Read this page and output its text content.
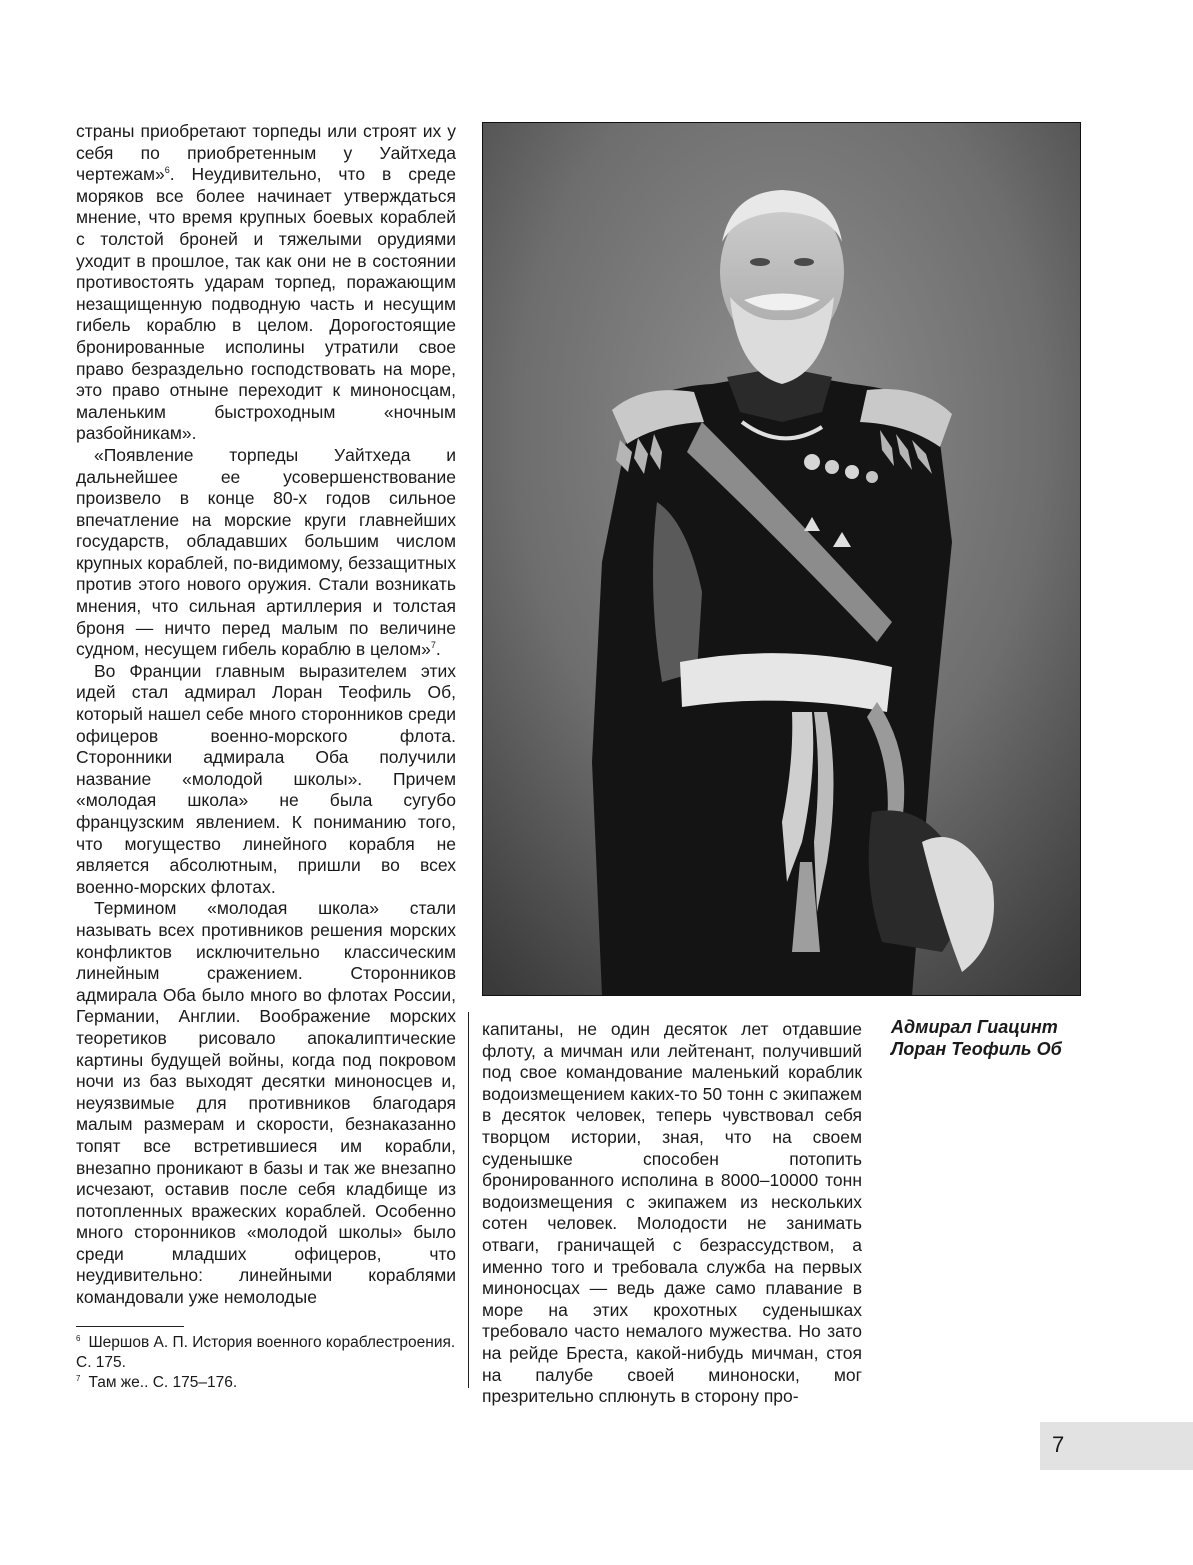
страны приобретают торпеды или строят их у себя по приобретенным у Уайтхеда чертежам»$^6$. Неудивительно, что в среде моряков все более начинает утверждаться мнение, что время крупных боевых кораблей с толстой броней и тяжелыми орудиями уходит в прошлое, так как они не в состоянии противостоять ударам торпед, поражающим незащищенную подводную часть и несущим гибель кораблю в целом. Дорогостоящие бронированные исполины утратили свое право безраздельно господствовать на море, это право отныне переходит к миноносцам, маленьким быстроходным «ночным разбойникам».

«Появление торпеды Уайтхеда и дальнейшее ее усовершенствование произвело в конце 80-х годов сильное впечатление на морские круги главнейших государств, обладавших большим числом крупных кораблей, по-видимому, беззащитных против этого нового оружия. Стали возникать мнения, что сильная артиллерия и толстая броня — ничто перед малым по величине судном, несущем гибель кораблю в целом»$^7$.

Во Франции главным выразителем этих идей стал адмирал Лоран Теофиль Об, который нашел себе много сторонников среди офицеров военно-морского флота. Сторонники адмирала Оба получили название «молодой школы». Причем «молодая школа» не была сугубо французским явлением. К пониманию того, что могущество линейного корабля не является абсолютным, пришли во всех военно-морских флотах.

Термином «молодая школа» стали называть всех противников решения морских конфликтов исключительно классическим линейным сражением. Сторонников адмирала Оба было много во флотах России, Германии, Англии. Воображение морских теоретиков рисовало апокалиптические картины будущей войны, когда под покровом ночи из баз выходят десятки миноносцев и, неуязвимые для противников благодаря малым размерам и скорости, безнаказанно топят все встретившиеся им корабли, внезапно проникают в базы и так же внезапно исчезают, оставив после себя кладбище из потопленных вражеских кораблей. Особенно много сторонников «молодой школы» было среди младших офицеров, что неудивительно: линейными кораблями командовали уже немолодые

$^6$ Шершов А. П. История военного кораблестроения. С. 175.

$^7$ Там же.. С. 175–176.

Адмирал Гиацинт
Лоран Теофиль Об

капитаны, не один десяток лет отдавшие флоту, а мичман или лейтенант, получивший под свое командование маленький кораблик водоизмещением каких-то 50 тонн с экипажем в десяток человек, теперь чувствовал себя творцом истории, зная, что на своем суденышке способен потопить бронированного исполина в 8000–10000 тонн водоизмещения с экипажем из нескольких сотен человек. Молодости не занимать отваги, граничащей с безрассудством, а именно того и требовала служба на первых миноносцах — ведь даже само плавание в море на этих крохотных суденышках требовало часто немалого мужества. Но зато на рейде Бреста, какой-нибудь мичман, стоя на палубе своей миноноски, мог презрительно сплюнуть в сторону про-

7
